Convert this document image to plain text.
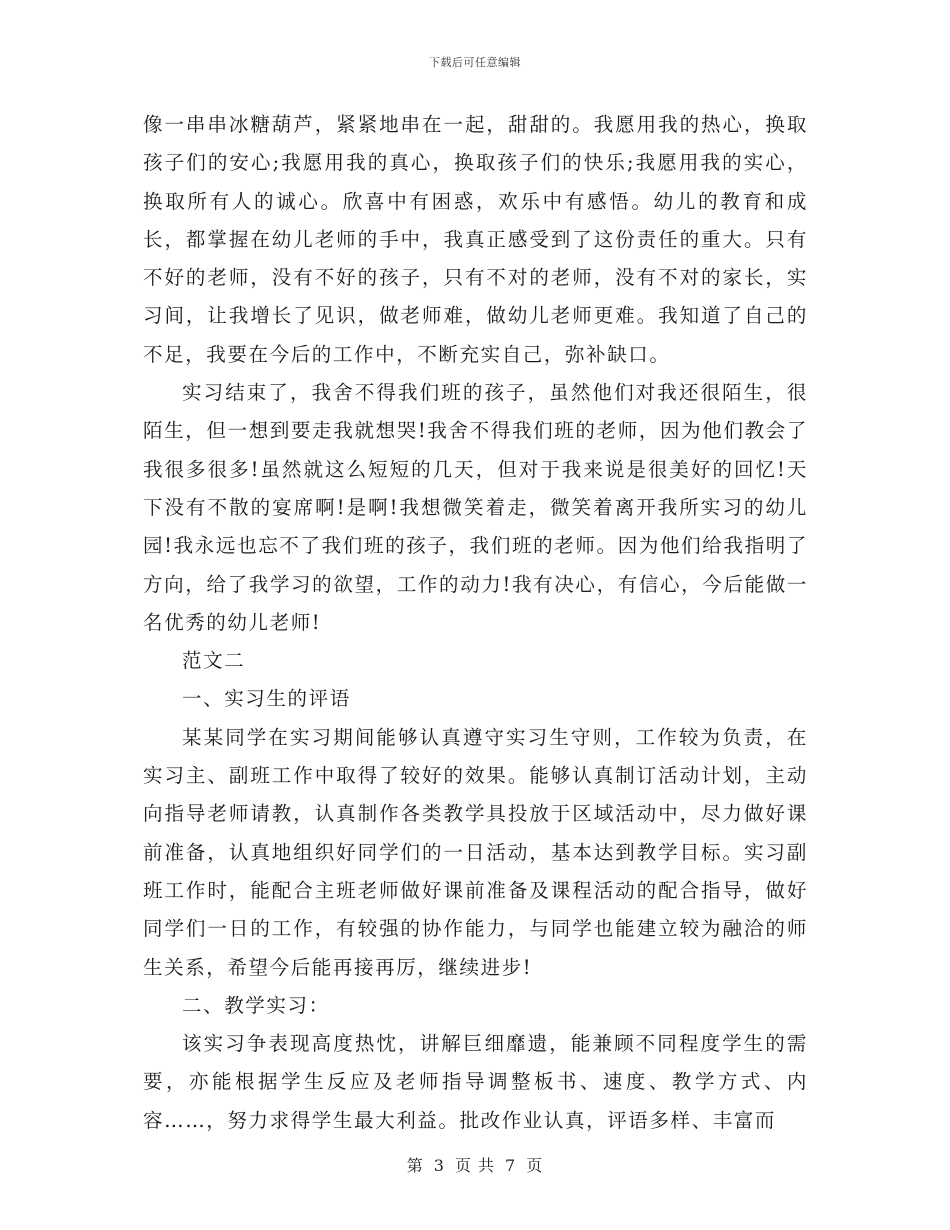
下载后可任意编辑

像一串串冰糖葫芦，紧紧地串在一起，甜甜的。我愿用我的热心，换取孩子们的安心;我愿用我的真心，换取孩子们的快乐;我愿用我的实心，换取所有人的诚心。欣喜中有困惑，欢乐中有感悟。幼儿的教育和成长，都掌握在幼儿老师的手中，我真正感受到了这份责任的重大。只有不好的老师，没有不好的孩子，只有不对的老师，没有不对的家长，实习间，让我增长了见识，做老师难，做幼儿老师更难。我知道了自己的不足，我要在今后的工作中，不断充实自己，弥补缺口。

实习结束了，我舍不得我们班的孩子，虽然他们对我还很陌生，很陌生，但一想到要走我就想哭!我舍不得我们班的老师，因为他们教会了我很多很多!虽然就这么短短的几天，但对于我来说是很美好的回忆!天下没有不散的宴席啊!是啊!我想微笑着走，微笑着离开我所实习的幼儿园!我永远也忘不了我们班的孩子，我们班的老师。因为他们给我指明了方向，给了我学习的欲望，工作的动力!我有决心，有信心，今后能做一名优秀的幼儿老师!

范文二

一、实习生的评语

某某同学在实习期间能够认真遵守实习生守则，工作较为负责，在实习主、副班工作中取得了较好的效果。能够认真制订活动计划，主动向指导老师请教，认真制作各类教学具投放于区域活动中，尽力做好课前准备，认真地组织好同学们的一日活动，基本达到教学目标。实习副班工作时，能配合主班老师做好课前准备及课程活动的配合指导，做好同学们一日的工作，有较强的协作能力，与同学也能建立较为融洽的师生关系，希望今后能再接再厉，继续进步!

二、教学实习：

该实习争表现高度热忱，讲解巨细靡遗，能兼顾不同程度学生的需要，亦能根据学生反应及老师指导调整板书、速度、教学方式、内容……，努力求得学生最大利益。批改作业认真，评语多样、丰富而

第 3 页 共 7 页
